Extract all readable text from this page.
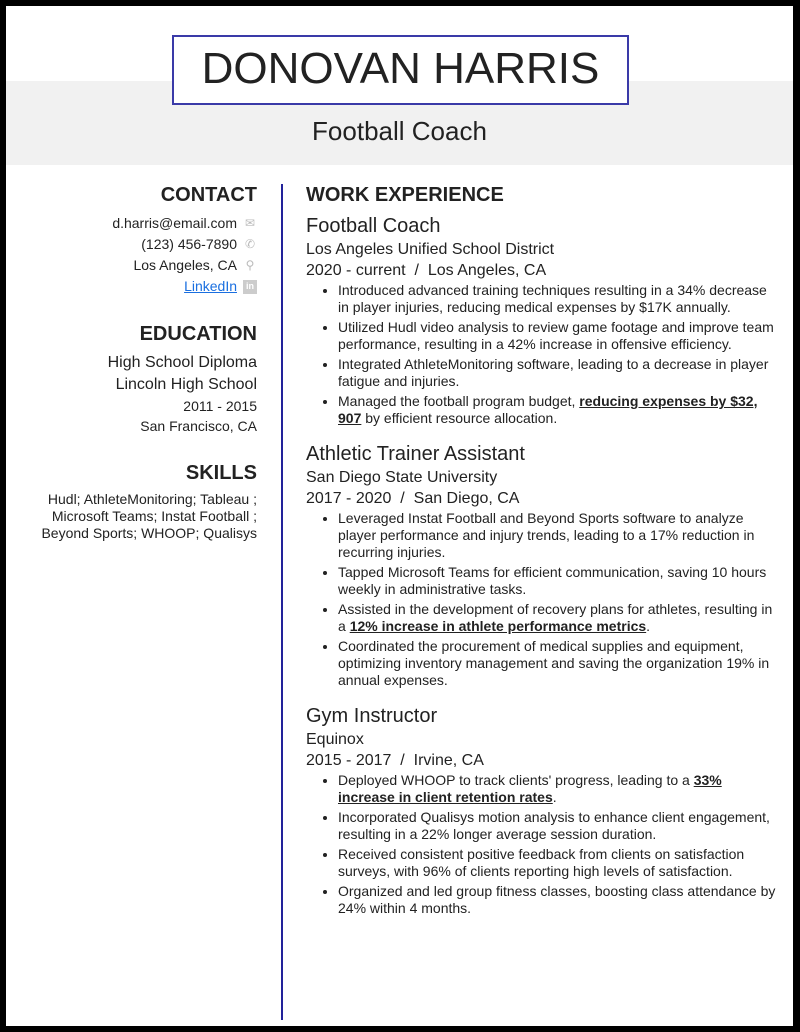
DONOVAN HARRIS
Football Coach
CONTACT
d.harris@email.com ✉
(123) 456-7890 ✆
Los Angeles, CA ⚲
LinkedIn	in
EDUCATION
High School Diploma
Lincoln High School
2011 - 2015
San Francisco, CA
SKILLS
Hudl; AthleteMonitoring; Tableau ; Microsoft Teams; Instat Football ; Beyond Sports; WHOOP; Qualisys
WORK EXPERIENCE
Football Coach
Los Angeles Unified School District
2020 - current  /  Los Angeles, CA
• Introduced advanced training techniques resulting in a 34% decrease in player injuries, reducing medical expenses by $17K annually.
• Utilized Hudl video analysis to review game footage and improve team performance, resulting in a 42% increase in offensive efficiency.
• Integrated AthleteMonitoring software, leading to a decrease in player fatigue and injuries.
• Managed the football program budget, reducing expenses by $32, 907 by efficient resource allocation.
Athletic Trainer Assistant
San Diego State University
2017 - 2020  /  San Diego, CA
• Leveraged Instat Football and Beyond Sports software to analyze player performance and injury trends, leading to a 17% reduction in recurring injuries.
• Tapped Microsoft Teams for efficient communication, saving 10 hours weekly in administrative tasks.
• Assisted in the development of recovery plans for athletes, resulting in a 12% increase in athlete performance metrics.
• Coordinated the procurement of medical supplies and equipment, optimizing inventory management and saving the organization 19% in annual expenses.
Gym Instructor
Equinox
2015 - 2017  /  Irvine, CA
• Deployed WHOOP to track clients' progress, leading to a 33% increase in client retention rates.
• Incorporated Qualisys motion analysis to enhance client engagement, resulting in a 22% longer average session duration.
• Received consistent positive feedback from clients on satisfaction surveys, with 96% of clients reporting high levels of satisfaction.
• Organized and led group fitness classes, boosting class attendance by 24% within 4 months.
